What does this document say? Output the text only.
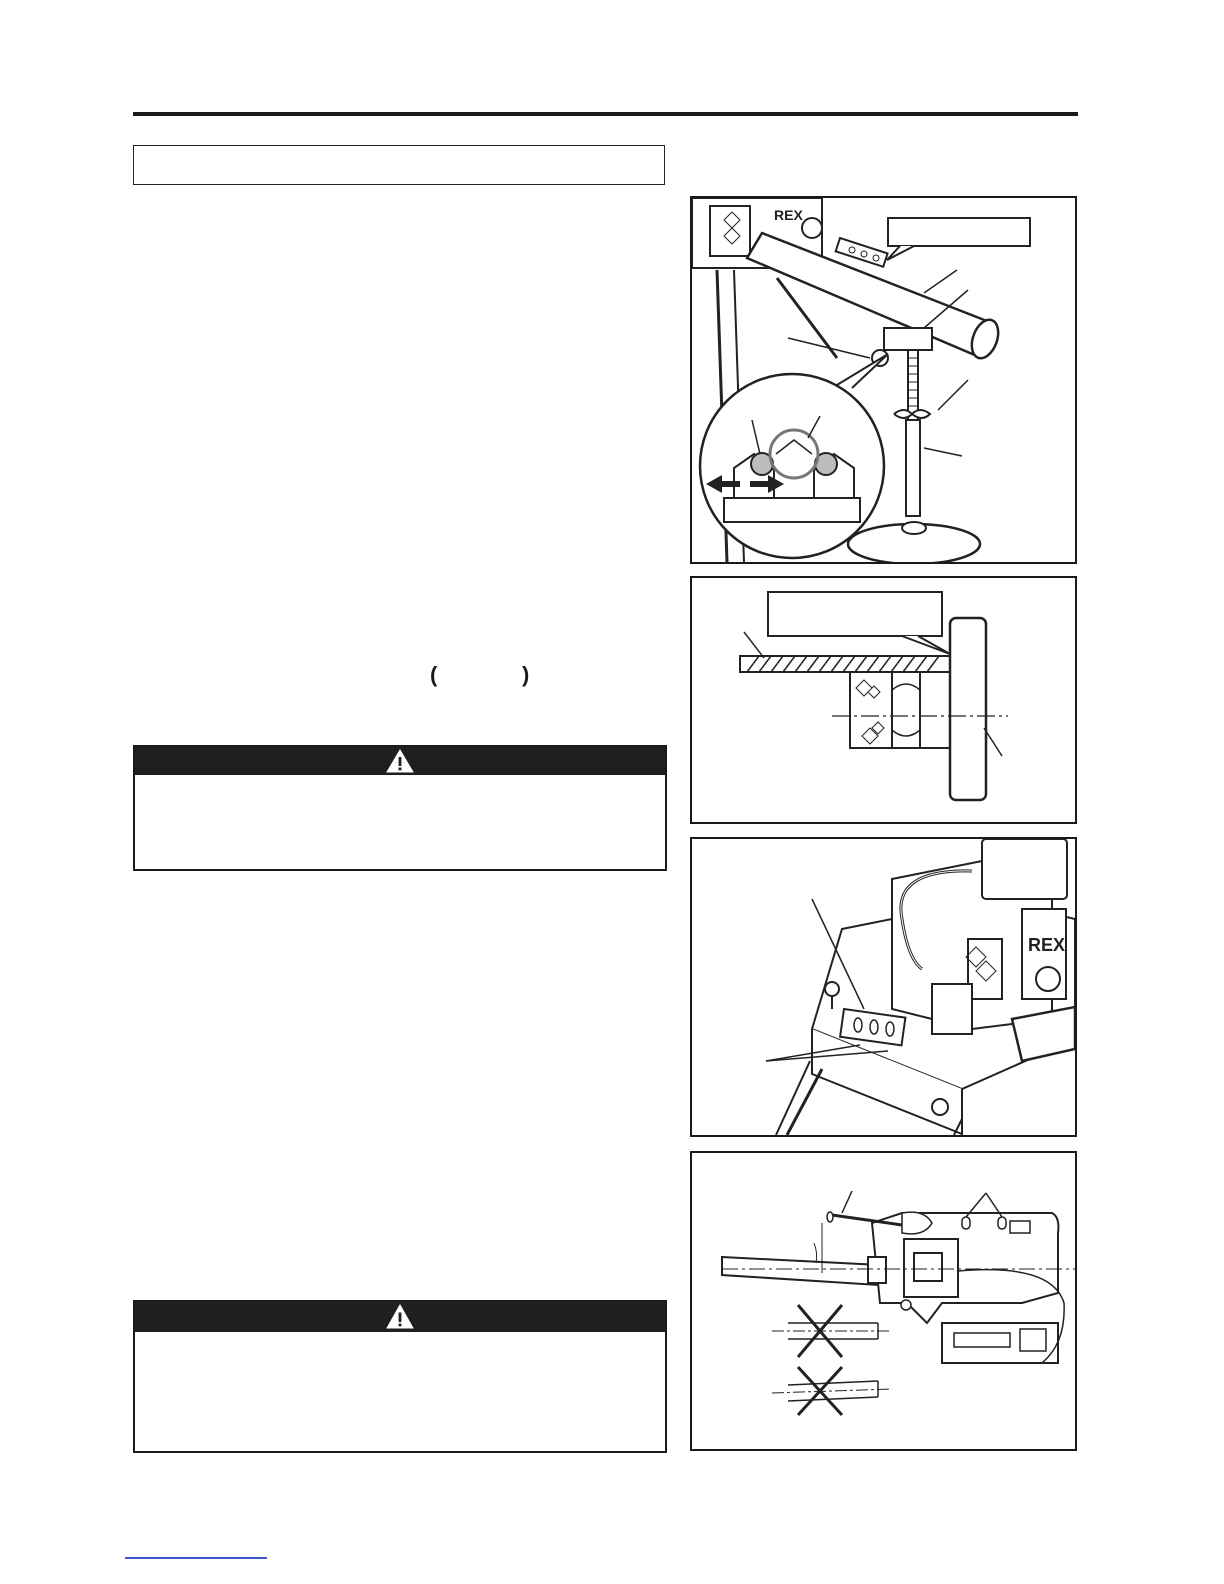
(	)
REX
REX
